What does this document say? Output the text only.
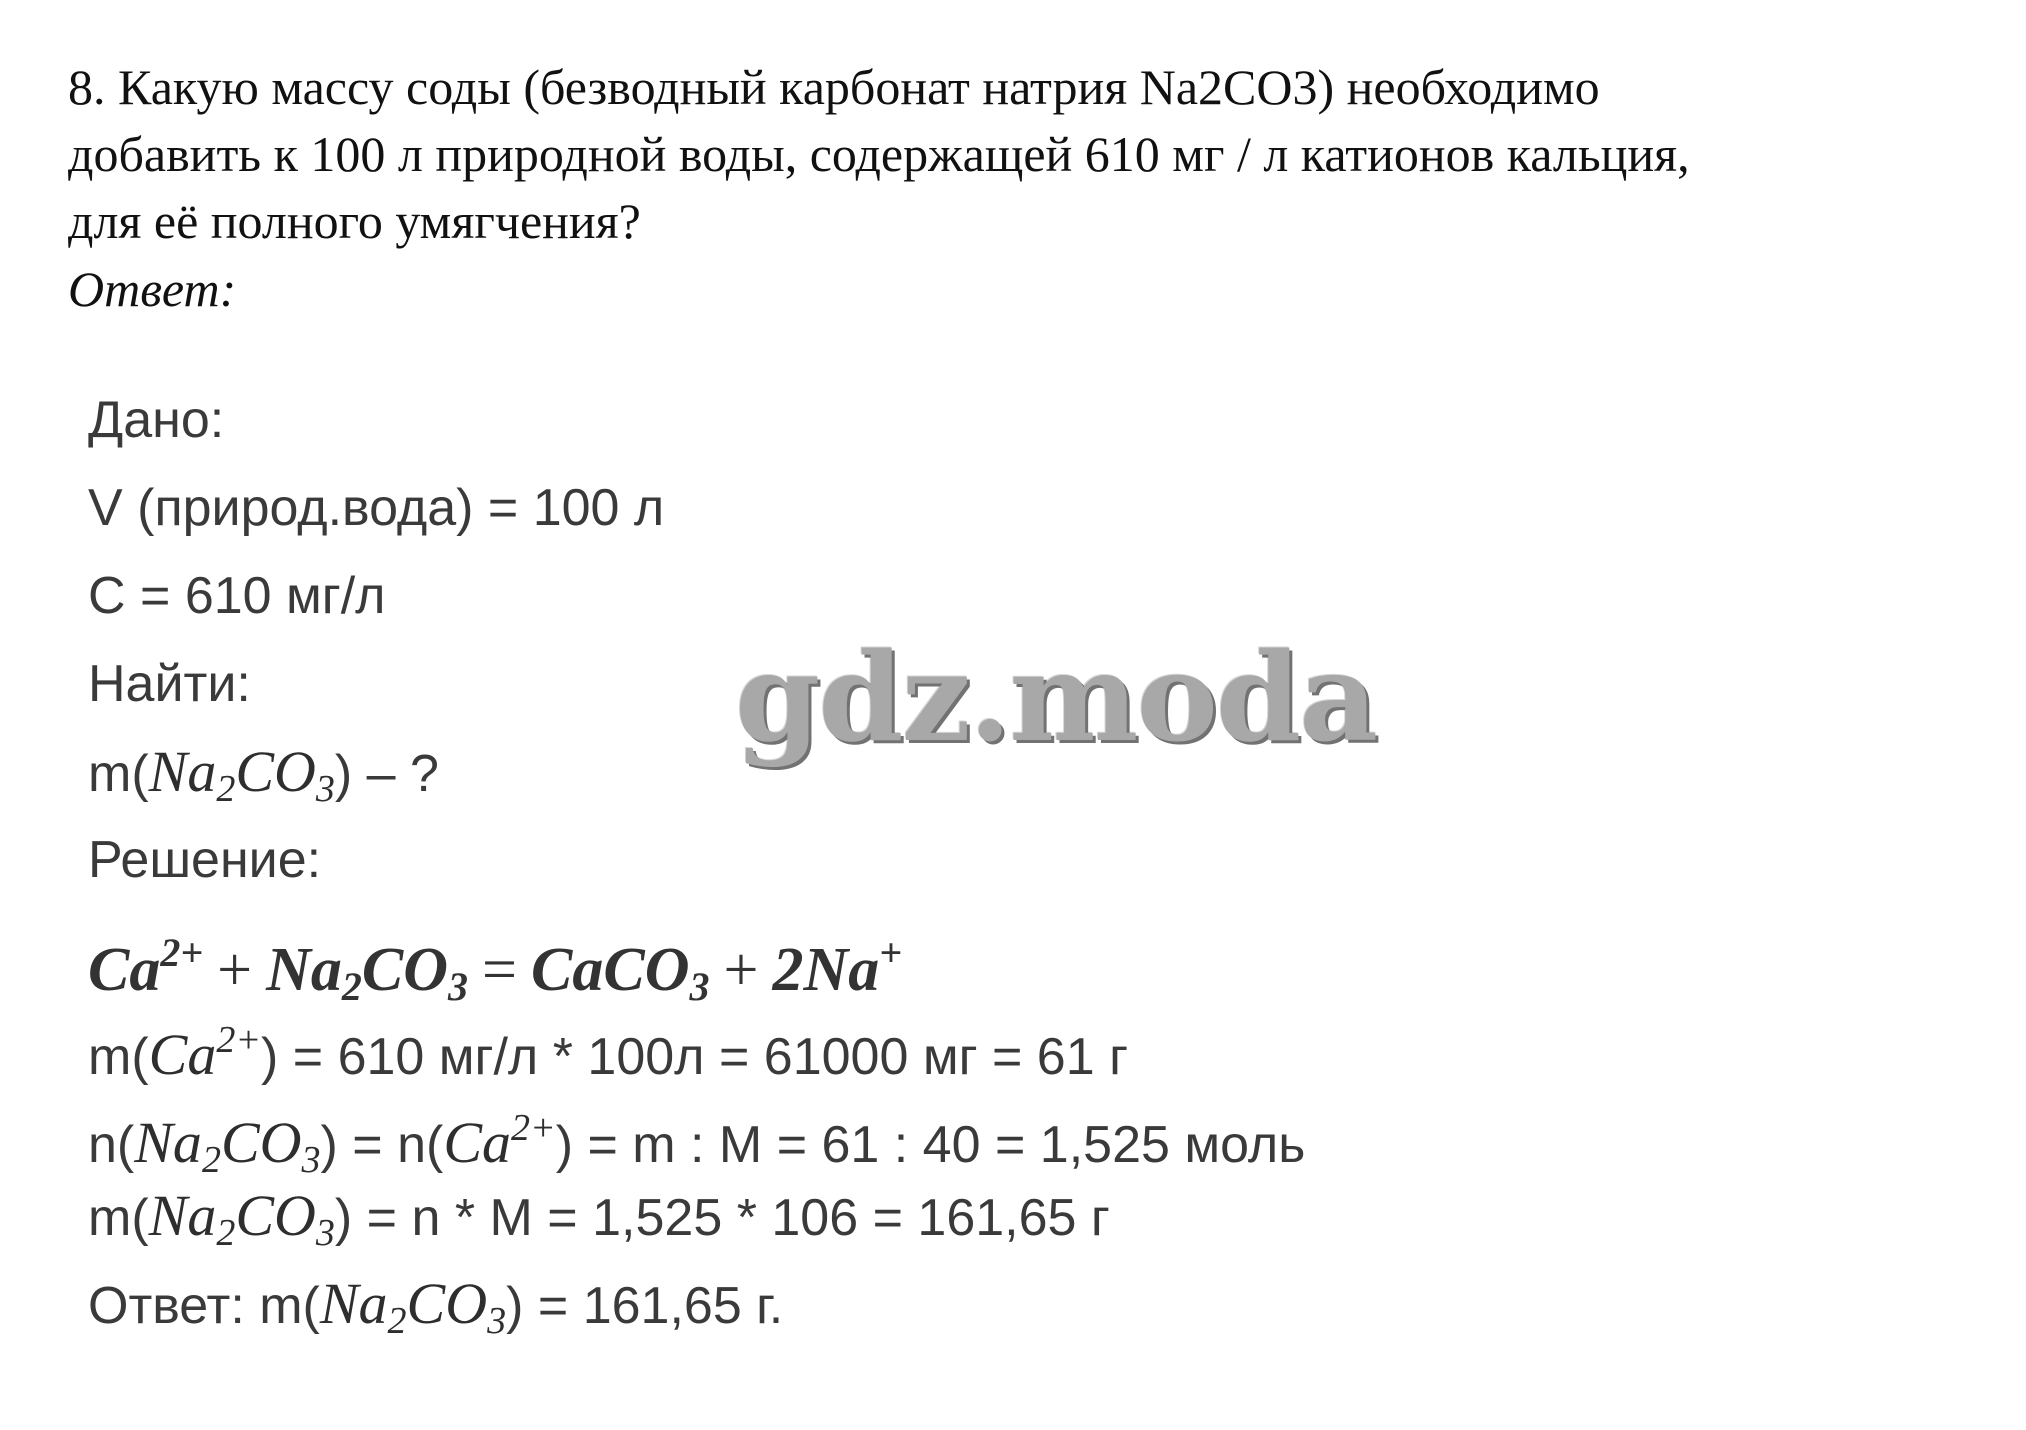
8. Какую массу соды (безводный карбонат натрия Na2CO3) необходимо
добавить к 100 л природной воды, содержащей 610 мг / л катионов кальция,
для её полного умягчения?
Ответ:
Дано:
V (природ.вода) = 100 л
C = 610 мг/л
Найти:
$m(Na_2CO_3)$ – ?
Решение:
$Ca^{2+} + Na_2CO_3$ = CaCO$_3$ + 2Na+
$m(Ca^{2+}) = 610$ мг/л * 100л = 61000 мг = 61 г
$n(Na_2CO_3) = n(Ca^{2+}) = m$ : M = 61 : 40 = 1,525 моль
$m(Na_2CO_3) = n * M = 1,525 * 106 = 161,65$ г
Ответ: $m(Na_2CO_3) = 161,65$ г.
gdz.moda
